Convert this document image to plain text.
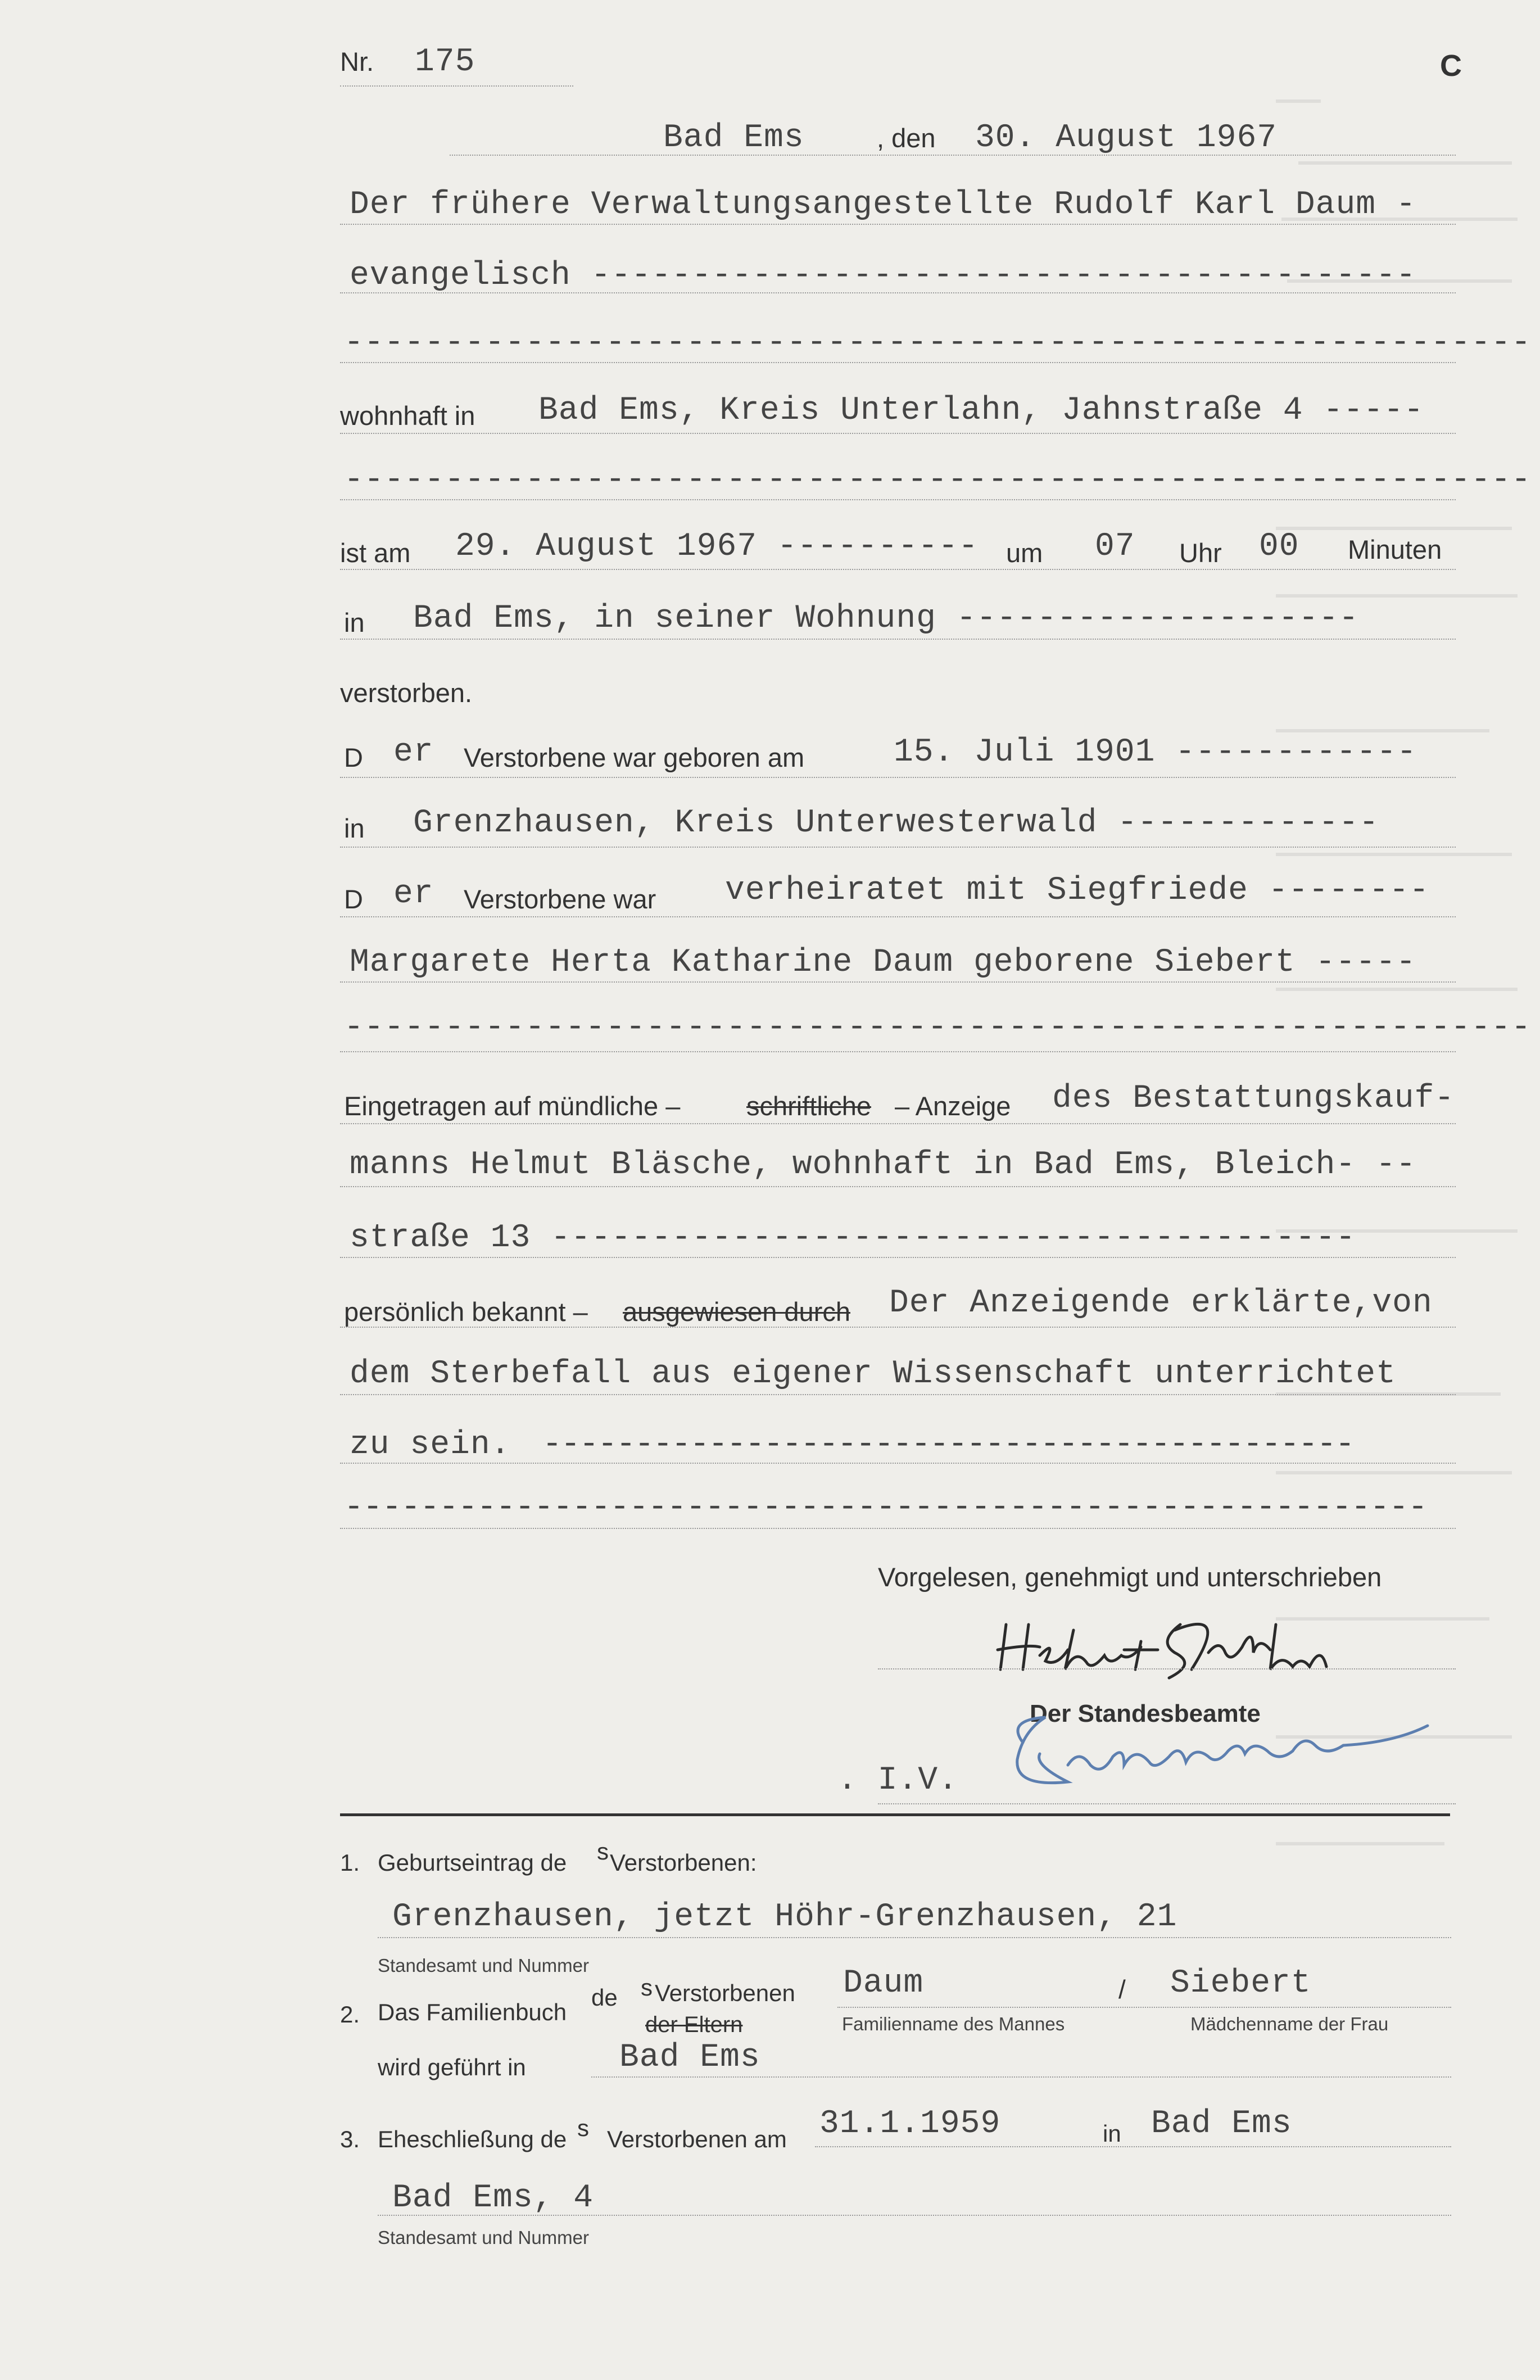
Nr. 175	C
Bad Ems	, den 30. August 1967
Der frühere Verwaltungsangestellte Rudolf Karl Daum -
evangelisch -----------------------------------------
-----------------------------------------------------------
wohnhaft in Bad Ems, Kreis Unterlahn, Jahnstraße 4 -----
-----------------------------------------------------------
ist am 29. August 1967 ---------- um 07 Uhr 00 Minuten
in Bad Ems, in seiner Wohnung --------------------
verstorben.
D er Verstorbene war geboren am	15. Juli 1901 ------------
in Grenzhausen, Kreis Unterwesterwald -------------
D er Verstorbene war verheiratet mit Siegfriede --------
Margarete Herta Katharine Daum geborene Siebert -----
-----------------------------------------------------------
Eingetragen auf mündliche –	schriftliche – Anzeige des Bestattungskauf-
manns Helmut Bläsche, wohnhaft in Bad Ems, Bleich- --
straße 13 ----------------------------------------
persönlich bekannt – ausgewiesen durch Der Anzeigende erklärte,von
dem Sterbefall aus eigener Wissenschaft unterrichtet
zu sein. --------------------------------------------
---------------------------------------------------------
Vorgelesen, genehmigt und unterschrieben
Der Standesbeamte
. I.V.
1. Geburtseintrag de s Verstorbenen:
Grenzhausen, jetzt Höhr-Grenzhausen, 21
Standesamt und Nummer
2. Das Familienbuch
de s Verstorbenen
der Eltern
Daum	/ Siebert
Familienname des Mannes	Mädchenname der Frau
wird geführt in	Bad Ems
3. Eheschließung de s Verstorbenen am 31.1.1959	in Bad Ems
Bad Ems, 4
Standesamt und Nummer
